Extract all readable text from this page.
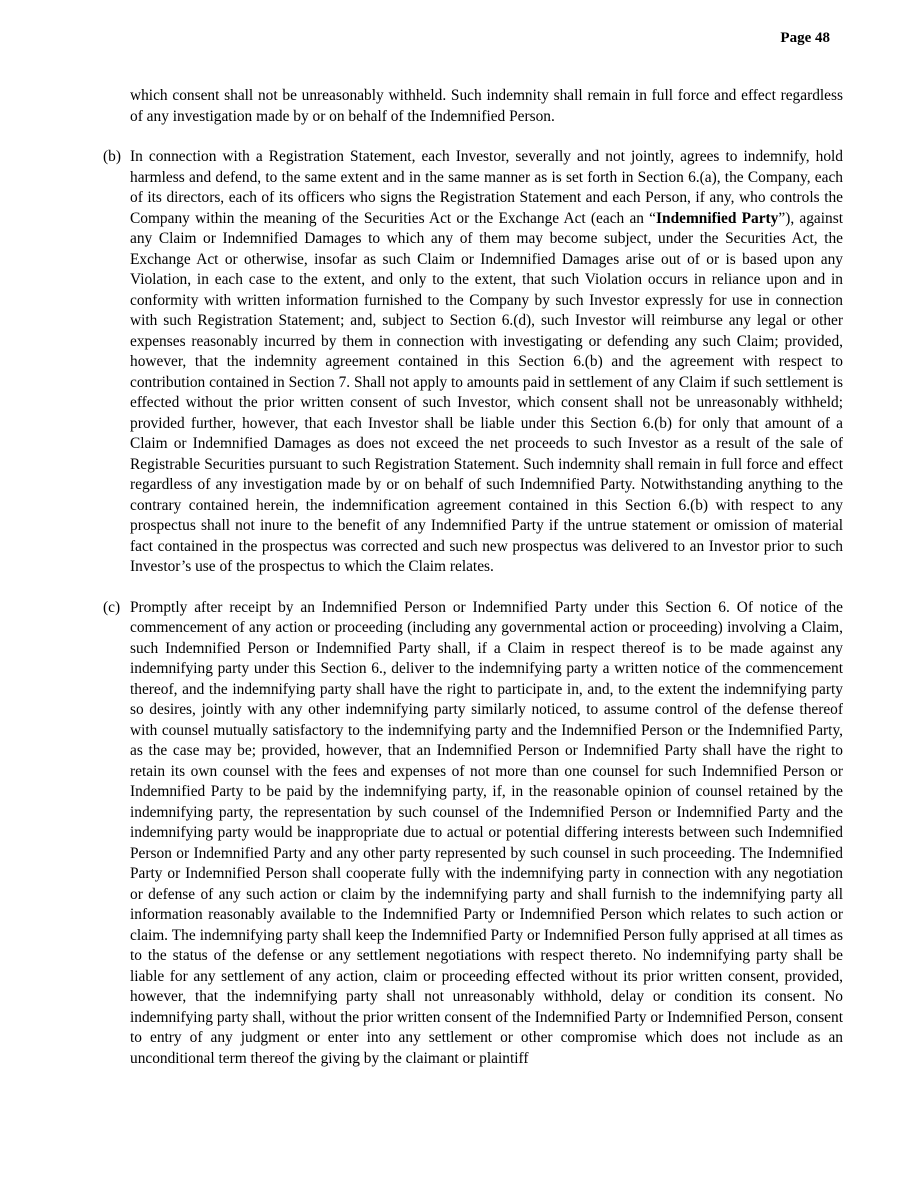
Page 48

which consent shall not be unreasonably withheld. Such indemnity shall remain in full force and effect regardless of any investigation made by or on behalf of the Indemnified Person.

(b) In connection with a Registration Statement, each Investor, severally and not jointly, agrees to indemnify, hold harmless and defend, to the same extent and in the same manner as is set forth in Section 6.(a), the Company, each of its directors, each of its officers who signs the Registration Statement and each Person, if any, who controls the Company within the meaning of the Securities Act or the Exchange Act (each an “Indemnified Party”), against any Claim or Indemnified Damages to which any of them may become subject, under the Securities Act, the Exchange Act or otherwise, insofar as such Claim or Indemnified Damages arise out of or is based upon any Violation, in each case to the extent, and only to the extent, that such Violation occurs in reliance upon and in conformity with written information furnished to the Company by such Investor expressly for use in connection with such Registration Statement; and, subject to Section 6.(d), such Investor will reimburse any legal or other expenses reasonably incurred by them in connection with investigating or defending any such Claim; provided, however, that the indemnity agreement contained in this Section 6.(b) and the agreement with respect to contribution contained in Section 7. Shall not apply to amounts paid in settlement of any Claim if such settlement is effected without the prior written consent of such Investor, which consent shall not be unreasonably withheld; provided further, however, that each Investor shall be liable under this Section 6.(b) for only that amount of a Claim or Indemnified Damages as does not exceed the net proceeds to such Investor as a result of the sale of Registrable Securities pursuant to such Registration Statement. Such indemnity shall remain in full force and effect regardless of any investigation made by or on behalf of such Indemnified Party. Notwithstanding anything to the contrary contained herein, the indemnification agreement contained in this Section 6.(b) with respect to any prospectus shall not inure to the benefit of any Indemnified Party if the untrue statement or omission of material fact contained in the prospectus was corrected and such new prospectus was delivered to an Investor prior to such Investor’s use of the prospectus to which the Claim relates.

(c) Promptly after receipt by an Indemnified Person or Indemnified Party under this Section 6. Of notice of the commencement of any action or proceeding (including any governmental action or proceeding) involving a Claim, such Indemnified Person or Indemnified Party shall, if a Claim in respect thereof is to be made against any indemnifying party under this Section 6., deliver to the indemnifying party a written notice of the commencement thereof, and the indemnifying party shall have the right to participate in, and, to the extent the indemnifying party so desires, jointly with any other indemnifying party similarly noticed, to assume control of the defense thereof with counsel mutually satisfactory to the indemnifying party and the Indemnified Person or the Indemnified Party, as the case may be; provided, however, that an Indemnified Person or Indemnified Party shall have the right to retain its own counsel with the fees and expenses of not more than one counsel for such Indemnified Person or Indemnified Party to be paid by the indemnifying party, if, in the reasonable opinion of counsel retained by the indemnifying party, the representation by such counsel of the Indemnified Person or Indemnified Party and the indemnifying party would be inappropriate due to actual or potential differing interests between such Indemnified Person or Indemnified Party and any other party represented by such counsel in such proceeding. The Indemnified Party or Indemnified Person shall cooperate fully with the indemnifying party in connection with any negotiation or defense of any such action or claim by the indemnifying party and shall furnish to the indemnifying party all information reasonably available to the Indemnified Party or Indemnified Person which relates to such action or claim. The indemnifying party shall keep the Indemnified Party or Indemnified Person fully apprised at all times as to the status of the defense or any settlement negotiations with respect thereto. No indemnifying party shall be liable for any settlement of any action, claim or proceeding effected without its prior written consent, provided, however, that the indemnifying party shall not unreasonably withhold, delay or condition its consent. No indemnifying party shall, without the prior written consent of the Indemnified Party or Indemnified Person, consent to entry of any judgment or enter into any settlement or other compromise which does not include as an unconditional term thereof the giving by the claimant or plaintiff
